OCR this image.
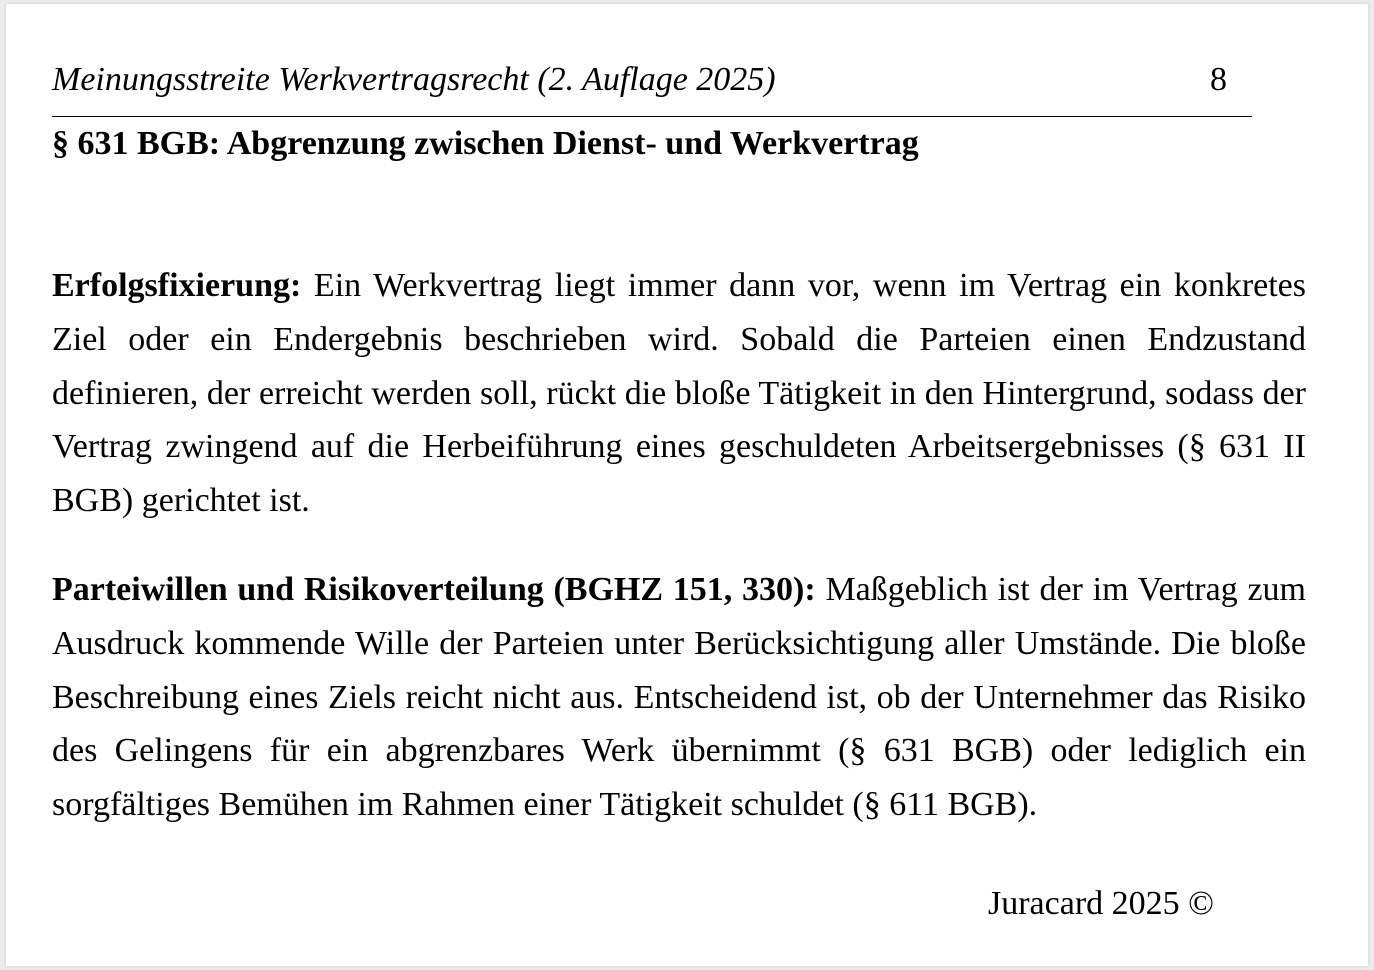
Meinungsstreite Werkvertragsrecht (2. Auflage 2025)	8
§ 631 BGB: Abgrenzung zwischen Dienst- und Werkvertrag

Erfolgsfixierung: Ein Werkvertrag liegt immer dann vor, wenn im Vertrag ein konkretes Ziel oder ein Endergebnis beschrieben wird. Sobald die Parteien einen Endzustand definieren, der erreicht werden soll, rückt die bloße Tätigkeit in den Hintergrund, sodass der Vertrag zwingend auf die Herbeiführung eines geschuldeten Arbeitsergebnisses (§ 631 II BGB) gerichtet ist.

Parteiwillen und Risikoverteilung (BGHZ 151, 330): Maßgeblich ist der im Vertrag zum Ausdruck kommende Wille der Parteien unter Berücksichtigung aller Umstände. Die bloße Beschreibung eines Ziels reicht nicht aus. Entscheidend ist, ob der Unternehmer das Risiko des Gelingens für ein abgrenzbares Werk übernimmt (§ 631 BGB) oder lediglich ein sorgfältiges Bemühen im Rahmen einer Tätigkeit schuldet (§ 611 BGB).

Juracard 2025 ©
